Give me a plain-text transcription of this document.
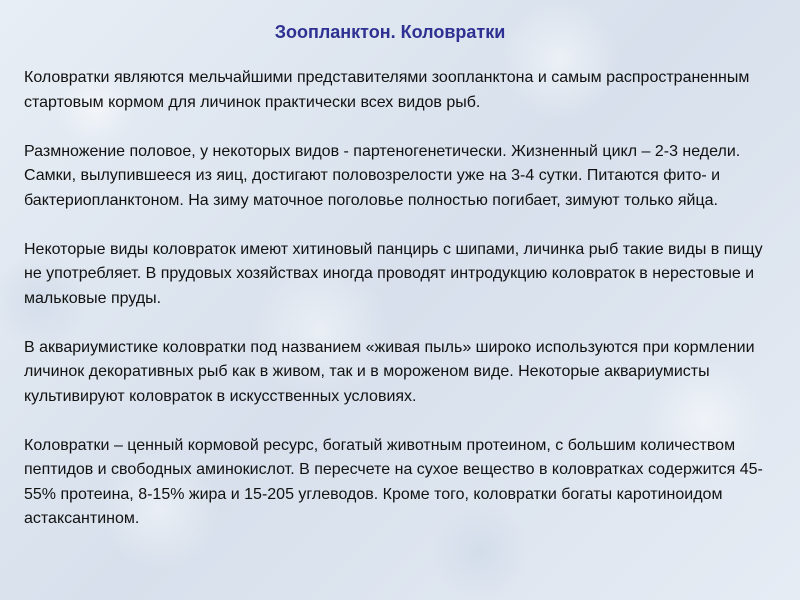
Зоопланктон. Коловратки

Коловратки являются мельчайшими представителями зоопланктона и самым распространенным стартовым кормом для личинок практически всех видов рыб.

Размножение половое, у некоторых видов - партеногенетически. Жизненный цикл – 2-3 недели. Самки, вылупившееся из яиц, достигают половозрелости уже на 3-4 сутки. Питаются фито- и бактериопланктоном. На зиму маточное поголовье полностью погибает, зимуют только яйца.

Некоторые виды коловраток имеют хитиновый панцирь с шипами, личинка рыб такие виды в пищу не употребляет. В прудовых хозяйствах иногда проводят интродукцию коловраток в нерестовые и мальковые пруды.

В аквариумистике коловратки под названием «живая пыль» широко используются при кормлении личинок декоративных рыб как в живом, так и в мороженом виде. Некоторые аквариумисты культивируют коловраток в искусственных условиях.

Коловратки – ценный кормовой ресурс, богатый животным протеином, с большим количеством пептидов и свободных аминокислот. В пересчете на сухое вещество в коловратках содержится 45-55% протеина, 8-15% жира и 15-205 углеводов. Кроме того, коловратки богаты каротиноидом астаксантином.
